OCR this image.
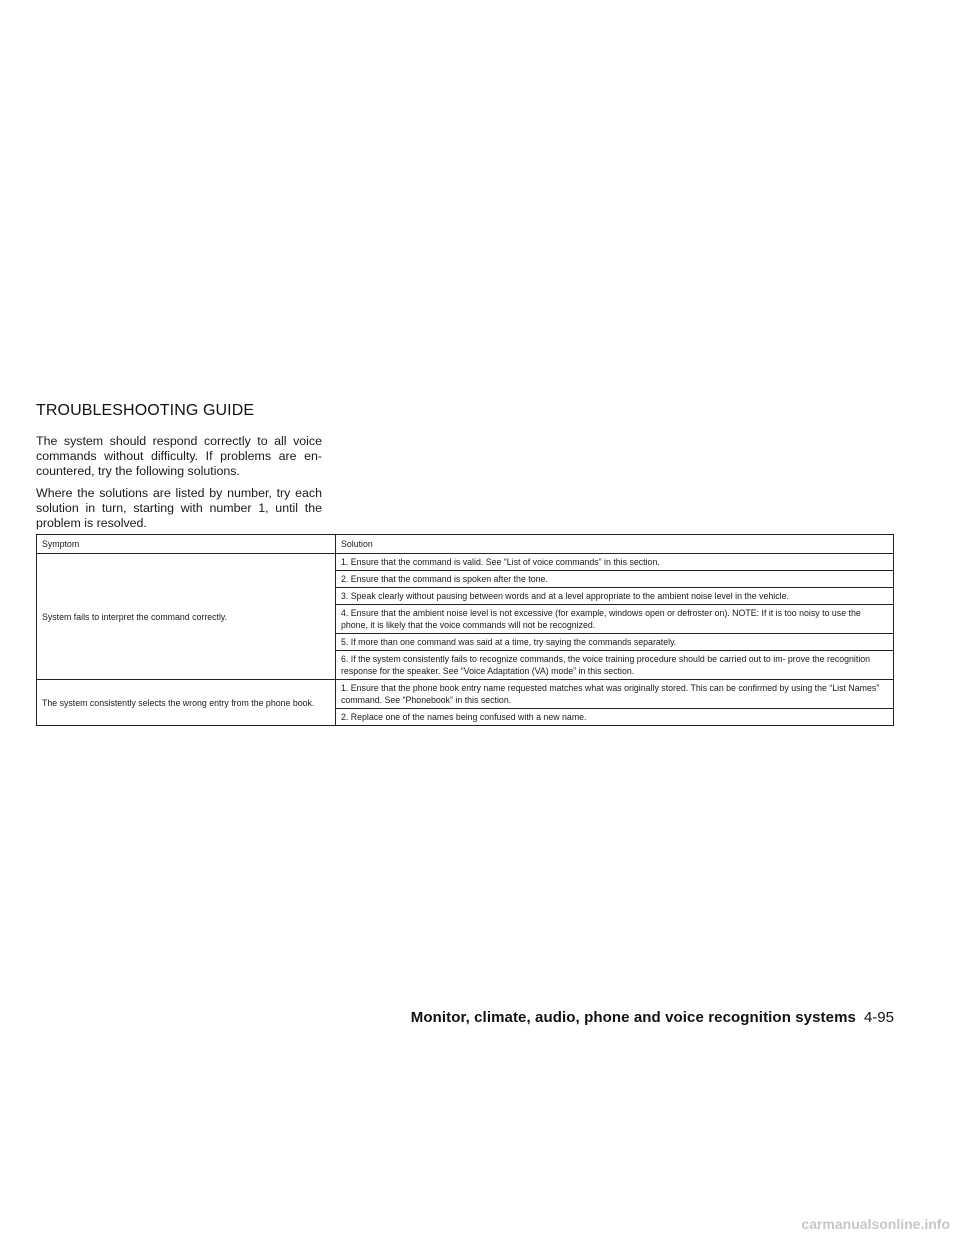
TROUBLESHOOTING GUIDE

The system should respond correctly to all voice commands without difficulty. If problems are en- countered, try the following solutions.

Where the solutions are listed by number, try each solution in turn, starting with number 1, until the problem is resolved.

Symptom	Solution
System fails to interpret the command correctly.	1. Ensure that the command is valid. See “List of voice commands” in this section.
	2. Ensure that the command is spoken after the tone.
	3. Speak clearly without pausing between words and at a level appropriate to the ambient noise level in the vehicle.
	4. Ensure that the ambient noise level is not excessive (for example, windows open or defroster on). NOTE: If it is too noisy to use the phone, it is likely that the voice commands will not be recognized.
	5. If more than one command was said at a time, try saying the commands separately.
	6. If the system consistently fails to recognize commands, the voice training procedure should be carried out to im- prove the recognition response for the speaker. See “Voice Adaptation (VA) mode” in this section.
The system consistently selects the wrong entry from the phone book.	1. Ensure that the phone book entry name requested matches what was originally stored. This can be confirmed by using the “List Names” command. See “Phonebook” in this section.
	2. Replace one of the names being confused with a new name.
Monitor, climate, audio, phone and voice recognition systems 4-95
carmanualsonline.info
